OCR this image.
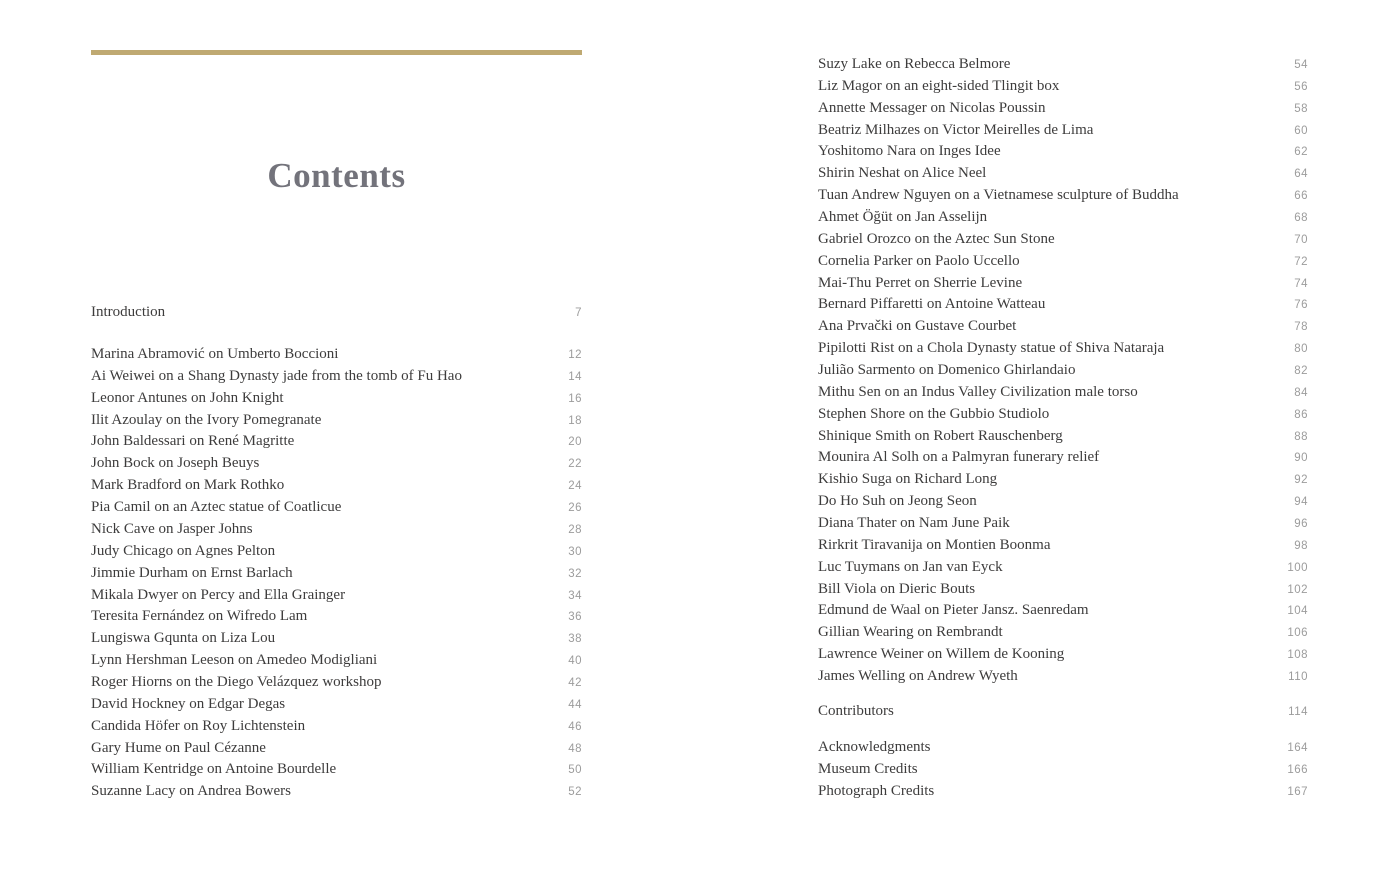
Contents
Introduction	7
Marina Abramović on Umberto Boccioni	12
Ai Weiwei on a Shang Dynasty jade from the tomb of Fu Hao	14
Leonor Antunes on John Knight	16
Ilit Azoulay on the Ivory Pomegranate	18
John Baldessari on René Magritte	20
John Bock on Joseph Beuys	22
Mark Bradford on Mark Rothko	24
Pia Camil on an Aztec statue of Coatlicue	26
Nick Cave on Jasper Johns	28
Judy Chicago on Agnes Pelton	30
Jimmie Durham on Ernst Barlach	32
Mikala Dwyer on Percy and Ella Grainger	34
Teresita Fernández on Wifredo Lam	36
Lungiswa Gqunta on Liza Lou	38
Lynn Hershman Leeson on Amedeo Modigliani	40
Roger Hiorns on the Diego Velázquez workshop	42
David Hockney on Edgar Degas	44
Candida Höfer on Roy Lichtenstein	46
Gary Hume on Paul Cézanne	48
William Kentridge on Antoine Bourdelle	50
Suzanne Lacy on Andrea Bowers	52
Suzy Lake on Rebecca Belmore	54
Liz Magor on an eight-sided Tlingit box	56
Annette Messager on Nicolas Poussin	58
Beatriz Milhazes on Victor Meirelles de Lima	60
Yoshitomo Nara on Inges Idee	62
Shirin Neshat on Alice Neel	64
Tuan Andrew Nguyen on a Vietnamese sculpture of Buddha	66
Ahmet Öğüt on Jan Asselijn	68
Gabriel Orozco on the Aztec Sun Stone	70
Cornelia Parker on Paolo Uccello	72
Mai-Thu Perret on Sherrie Levine	74
Bernard Piffaretti on Antoine Watteau	76
Ana Prvački on Gustave Courbet	78
Pipilotti Rist on a Chola Dynasty statue of Shiva Nataraja	80
Julião Sarmento on Domenico Ghirlandaio	82
Mithu Sen on an Indus Valley Civilization male torso	84
Stephen Shore on the Gubbio Studiolo	86
Shinique Smith on Robert Rauschenberg	88
Mounira Al Solh on a Palmyran funerary relief	90
Kishio Suga on Richard Long	92
Do Ho Suh on Jeong Seon	94
Diana Thater on Nam June Paik	96
Rirkrit Tiravanija on Montien Boonma	98
Luc Tuymans on Jan van Eyck	100
Bill Viola on Dieric Bouts	102
Edmund de Waal on Pieter Jansz. Saenredam	104
Gillian Wearing on Rembrandt	106
Lawrence Weiner on Willem de Kooning	108
James Welling on Andrew Wyeth	110
Contributors	114
Acknowledgments	164
Museum Credits	166
Photograph Credits	167
